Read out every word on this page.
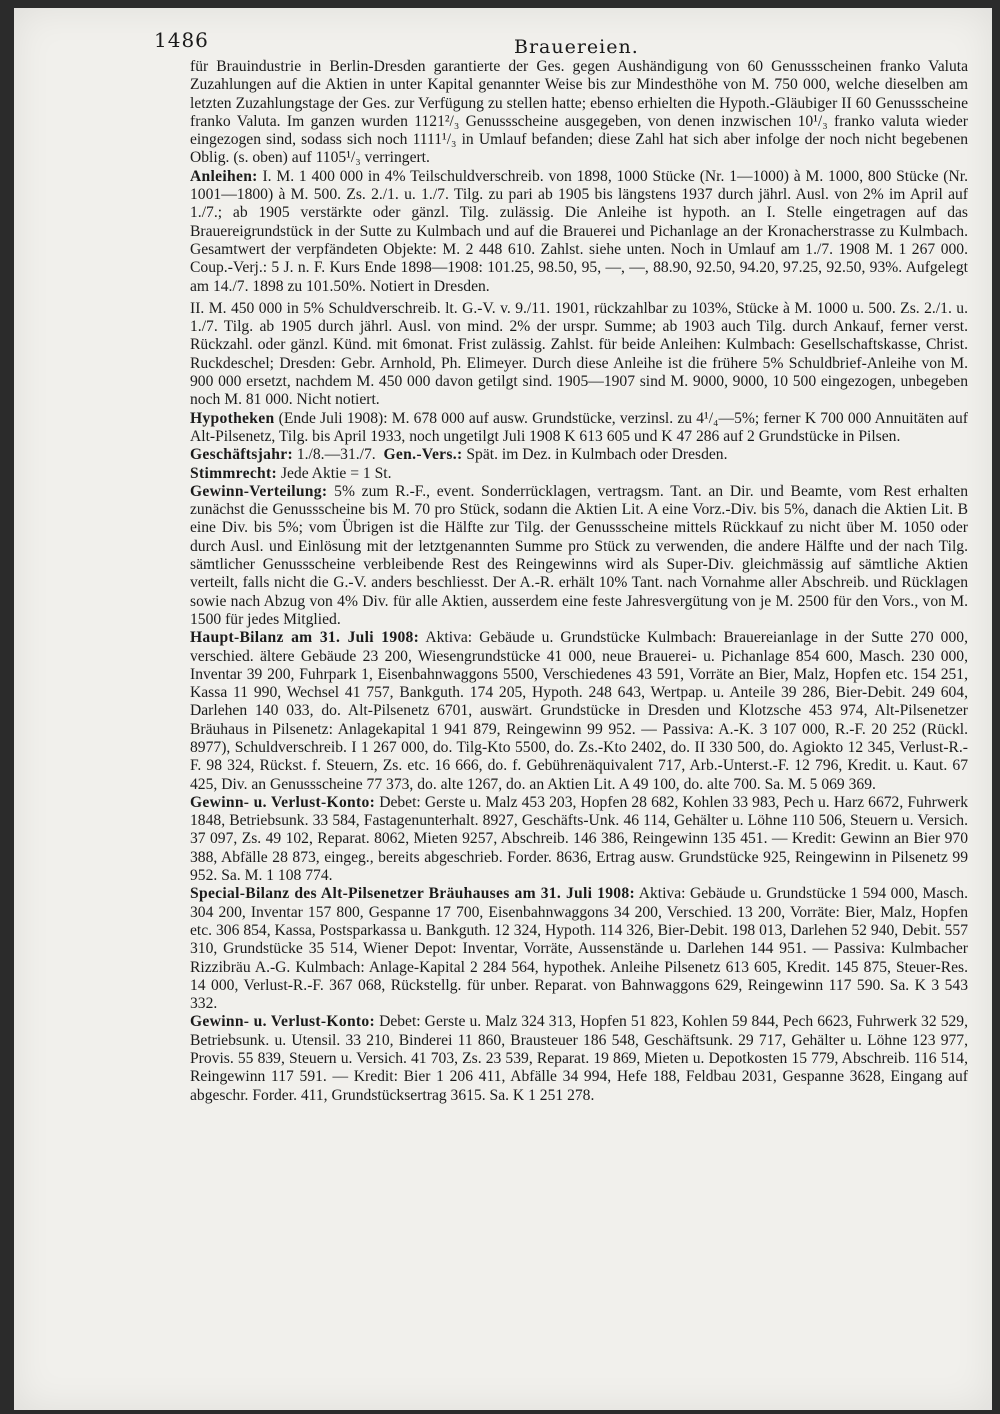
1486	Brauereien.

für Brauindustrie in Berlin-Dresden garantierte der Ges. gegen Aushändigung von 60 Genussscheinen franko Valuta Zuzahlungen auf die Aktien in unter Kapital genannter Weise bis zur Mindesthöhe von M. 750 000, welche dieselben am letzten Zuzahlungstage der Ges. zur Verfügung zu stellen hatte; ebenso erhielten die Hypoth.-Gläubiger II 60 Genussscheine franko Valuta. Im ganzen wurden 1121²/₃ Genussscheine ausgegeben, von denen inzwischen 10¹/₃ franko valuta wieder eingezogen sind, sodass sich noch 1111¹/₃ in Umlauf befanden; diese Zahl hat sich aber infolge der noch nicht begebenen Oblig. (s. oben) auf 1105¹/₃ verringert.

Anleihen: I. M. 1 400 000 in 4% Teilschuldverschreib. von 1898, 1000 Stücke (Nr. 1—1000) à M. 1000, 800 Stücke (Nr. 1001—1800) à M. 500. Zs. 2./1. u. 1./7. Tilg. zu pari ab 1905 bis längstens 1937 durch jährl. Ausl. von 2% im April auf 1./7.; ab 1905 verstärkte oder gänzl. Tilg. zulässig. Die Anleihe ist hypoth. an I. Stelle eingetragen auf das Brauereigrundstück in der Sutte zu Kulmbach und auf die Brauerei und Pichanlage an der Kronacherstrasse zu Kulmbach. Gesamtwert der verpfändeten Objekte: M. 2 448 610. Zahlst. siehe unten. Noch in Umlauf am 1./7. 1908 M. 1 267 000. Coup.-Verj.: 5 J. n. F. Kurs Ende 1898—1908: 101.25, 98.50, 95, —, —, 88.90, 92.50, 94.20, 97.25, 92.50, 93%. Aufgelegt am 14./7. 1898 zu 101.50%. Notiert in Dresden.

II. M. 450 000 in 5% Schuldverschreib. lt. G.-V. v. 9./11. 1901, rückzahlbar zu 103%, Stücke à M. 1000 u. 500. Zs. 2./1. u. 1./7. Tilg. ab 1905 durch jährl. Ausl. von mind. 2% der urspr. Summe; ab 1903 auch Tilg. durch Ankauf, ferner verst. Rückzahl. oder gänzl. Künd. mit 6monat. Frist zulässig. Zahlst. für beide Anleihen: Kulmbach: Gesellschaftskasse, Christ. Ruckdeschel; Dresden: Gebr. Arnhold, Ph. Elimeyer. Durch diese Anleihe ist die frühere 5% Schuldbrief-Anleihe von M. 900 000 ersetzt, nachdem M. 450 000 davon getilgt sind. 1905—1907 sind M. 9000, 9000, 10 500 eingezogen, unbegeben noch M. 81 000. Nicht notiert.

Hypotheken (Ende Juli 1908): M. 678 000 auf ausw. Grundstücke, verzinsl. zu 4¹/₄—5%; ferner K 700 000 Annuitäten auf Alt-Pilsenetz, Tilg. bis April 1933, noch ungetilgt Juli 1908 K 613 605 und K 47 286 auf 2 Grundstücke in Pilsen.

Geschäftsjahr: 1./8.—31./7. Gen.-Vers.: Spät. im Dez. in Kulmbach oder Dresden.

Stimmrecht: Jede Aktie = 1 St.

Gewinn-Verteilung: 5% zum R.-F., event. Sonderrücklagen, vertragsm. Tant. an Dir. und Beamte, vom Rest erhalten zunächst die Genussscheine bis M. 70 pro Stück, sodann die Aktien Lit. A eine Vorz.-Div. bis 5%, danach die Aktien Lit. B eine Div. bis 5%; vom Übrigen ist die Hälfte zur Tilg. der Genussscheine mittels Rückkauf zu nicht über M. 1050 oder durch Ausl. und Einlösung mit der letztgenannten Summe pro Stück zu verwenden, die andere Hälfte und der nach Tilg. sämtlicher Genussscheine verbleibende Rest des Reingewinns wird als Super-Div. gleichmässig auf sämtliche Aktien verteilt, falls nicht die G.-V. anders beschliesst. Der A.-R. erhält 10% Tant. nach Vornahme aller Abschreib. und Rücklagen sowie nach Abzug von 4% Div. für alle Aktien, ausserdem eine feste Jahresvergütung von je M. 2500 für den Vors., von M. 1500 für jedes Mitglied.

Haupt-Bilanz am 31. Juli 1908: Aktiva: Gebäude u. Grundstücke Kulmbach: Brauereianlage in der Sutte 270 000, verschied. ältere Gebäude 23 200, Wiesengrundstücke 41 000, neue Brauerei- u. Pichanlage 854 600, Masch. 230 000, Inventar 39 200, Fuhrpark 1, Eisenbahnwaggons 5500, Verschiedenes 43 591, Vorräte an Bier, Malz, Hopfen etc. 154 251, Kassa 11 990, Wechsel 41 757, Bankguth. 174 205, Hypoth. 248 643, Wertpap. u. Anteile 39 286, Bier-Debit. 249 604, Darlehen 140 033, do. Alt-Pilsenetz 6701, auswärt. Grundstücke in Dresden und Klotzsche 453 974, Alt-Pilsenetzer Bräuhaus in Pilsenetz: Anlagekapital 1 941 879, Reingewinn 99 952. — Passiva: A.-K. 3 107 000, R.-F. 20 252 (Rückl. 8977), Schuldverschreib. I 1 267 000, do. Tilg-Kto 5500, do. Zs.-Kto 2402, do. II 330 500, do. Agiokto 12 345, Verlust-R.-F. 98 324, Rückst. f. Steuern, Zs. etc. 16 666, do. f. Gebührenäquivalent 717, Arb.-Unterst.-F. 12 796, Kredit. u. Kaut. 67 425, Div. an Genussscheine 77 373, do. alte 1267, do. an Aktien Lit. A 49 100, do. alte 700. Sa. M. 5 069 369.

Gewinn- u. Verlust-Konto: Debet: Gerste u. Malz 453 203, Hopfen 28 682, Kohlen 33 983, Pech u. Harz 6672, Fuhrwerk 1848, Betriebsunk. 33 584, Fastagenunterhalt. 8927, Geschäfts-Unk. 46 114, Gehälter u. Löhne 110 506, Steuern u. Versich. 37 097, Zs. 49 102, Reparat. 8062, Mieten 9257, Abschreib. 146 386, Reingewinn 135 451. — Kredit: Gewinn an Bier 970 388, Abfälle 28 873, eingeg., bereits abgeschrieb. Forder. 8636, Ertrag ausw. Grundstücke 925, Reingewinn in Pilsenetz 99 952. Sa. M. 1 108 774.

Special-Bilanz des Alt-Pilsenetzer Bräuhauses am 31. Juli 1908: Aktiva: Gebäude u. Grundstücke 1 594 000, Masch. 304 200, Inventar 157 800, Gespanne 17 700, Eisenbahnwaggons 34 200, Verschied. 13 200, Vorräte: Bier, Malz, Hopfen etc. 306 854, Kassa, Postsparkassa u. Bankguth. 12 324, Hypoth. 114 326, Bier-Debit. 198 013, Darlehen 52 940, Debit. 557 310, Grundstücke 35 514, Wiener Depot: Inventar, Vorräte, Aussenstände u. Darlehen 144 951. — Passiva: Kulmbacher Rizzibräu A.-G. Kulmbach: Anlage-Kapital 2 284 564, hypothek. Anleihe Pilsenetz 613 605, Kredit. 145 875, Steuer-Res. 14 000, Verlust-R.-F. 367 068, Rückstellg. für unber. Reparat. von Bahnwaggons 629, Reingewinn 117 590. Sa. K 3 543 332.

Gewinn- u. Verlust-Konto: Debet: Gerste u. Malz 324 313, Hopfen 51 823, Kohlen 59 844, Pech 6623, Fuhrwerk 32 529, Betriebsunk. u. Utensil. 33 210, Binderei 11 860, Brausteuer 186 548, Geschäftsunk. 29 717, Gehälter u. Löhne 123 977, Provis. 55 839, Steuern u. Versich. 41 703, Zs. 23 539, Reparat. 19 869, Mieten u. Depotkosten 15 779, Abschreib. 116 514, Reingewinn 117 591. — Kredit: Bier 1 206 411, Abfälle 34 994, Hefe 188, Feldbau 2031, Gespanne 3628, Eingang auf abgeschr. Forder. 411, Grundstücksertrag 3615. Sa. K 1 251 278.
